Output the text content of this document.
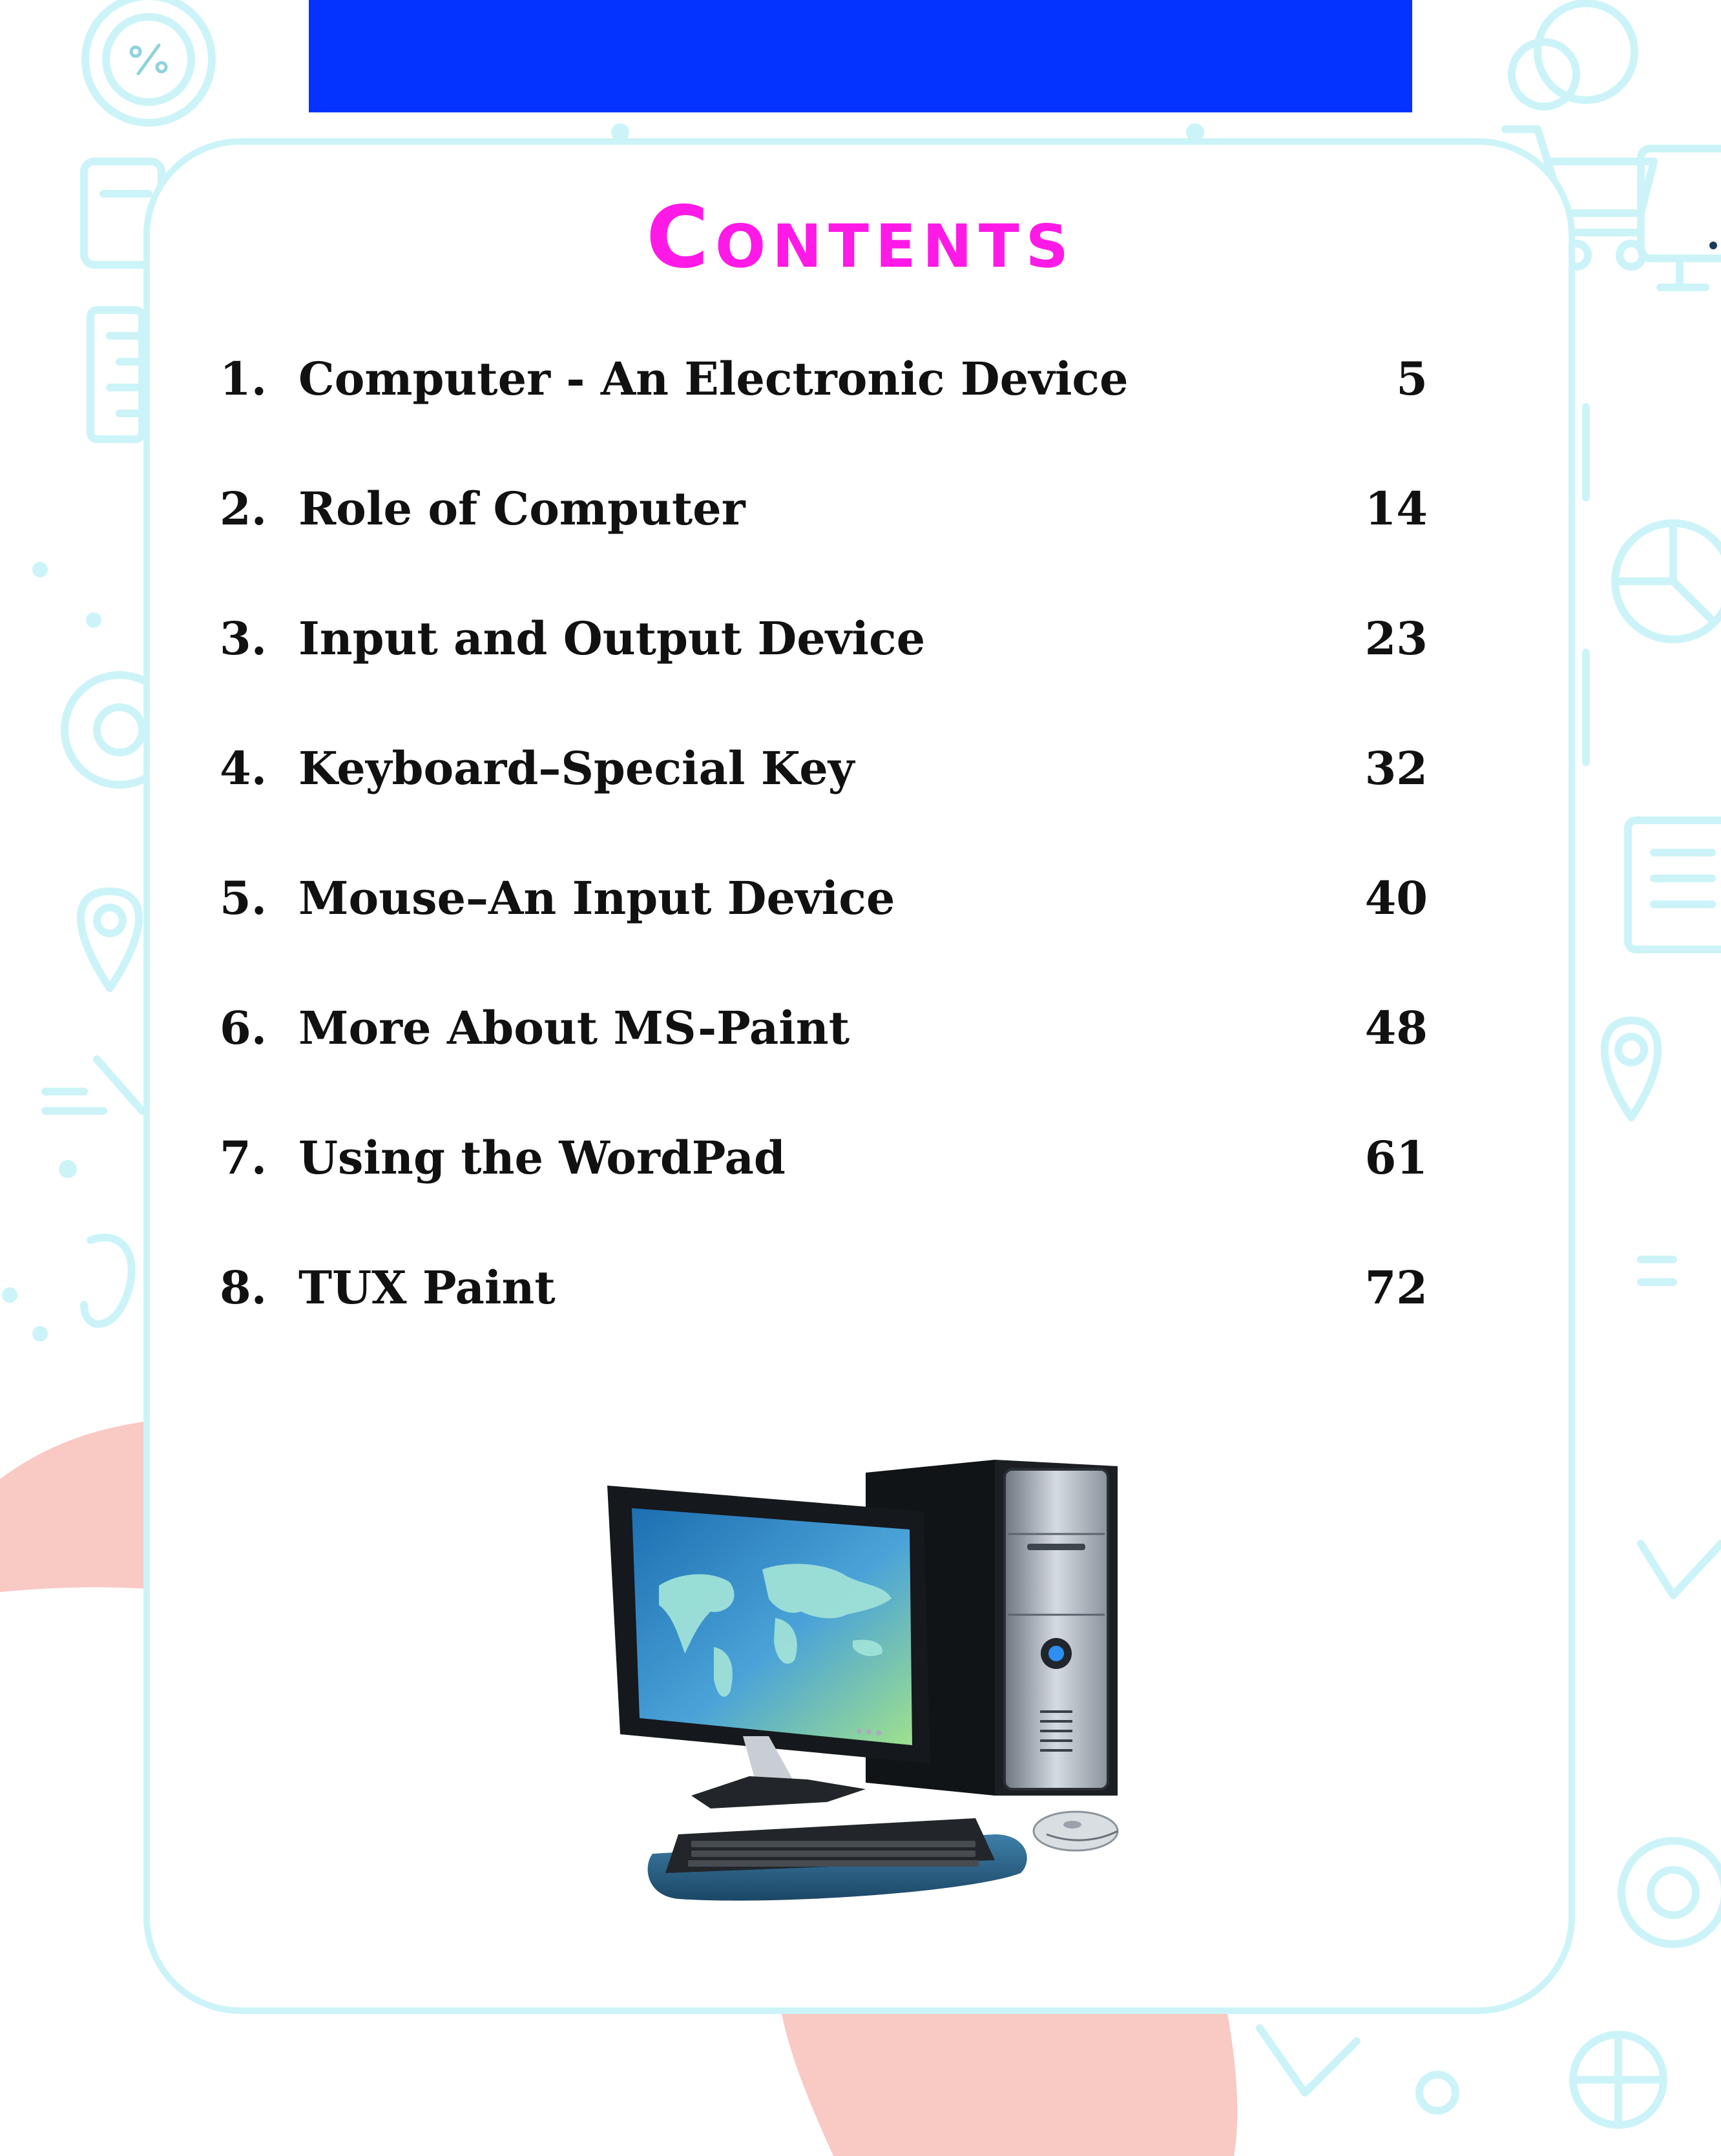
Contents
1. Computer - An Electronic Device	5
2. Role of Computer	14
3. Input and Output Device	23
4. Keyboard–Special Key	32
5. Mouse–An Input Device	40
6. More About MS-Paint	48
7. Using the WordPad	61
8. TUX Paint	72
